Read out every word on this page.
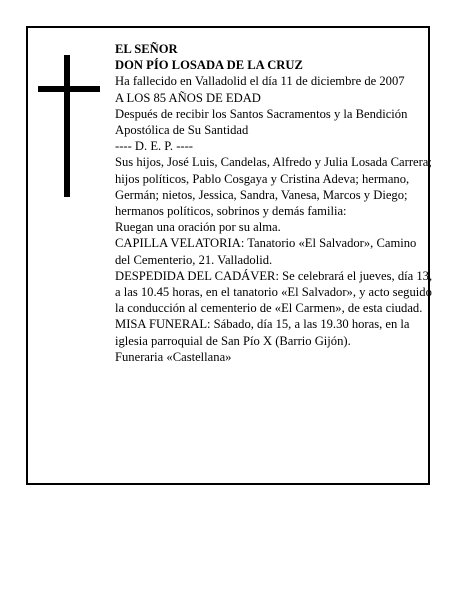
EL SEÑOR

DON PÍO LOSADA DE LA CRUZ

Ha fallecido en Valladolid el día 11 de diciembre de 2007

A LOS 85 AÑOS DE EDAD

Después de recibir los Santos Sacramentos y la Bendición Apostólica de Su Santidad

---- D. E. P. ----

Sus hijos, José Luis, Candelas, Alfredo y Julia Losada Carrera; hijos políticos, Pablo Cosgaya y Cristina Adeva; hermano, Germán; nietos, Jessica, Sandra, Vanesa, Marcos y Diego; hermanos políticos, sobrinos y demás familia:

Ruegan una oración por su alma.

CAPILLA VELATORIA: Tanatorio «El Salvador», Camino del Cementerio, 21. Valladolid.

DESPEDIDA DEL CADÁVER: Se celebrará el jueves, día 13, a las 10.45 horas, en el tanatorio «El Salvador», y acto seguido la conducción al cementerio de «El Carmen», de esta ciudad.

MISA FUNERAL: Sábado, día 15, a las 19.30 horas, en la iglesia parroquial de San Pío X (Barrio Gijón).

Funeraria «Castellana»
